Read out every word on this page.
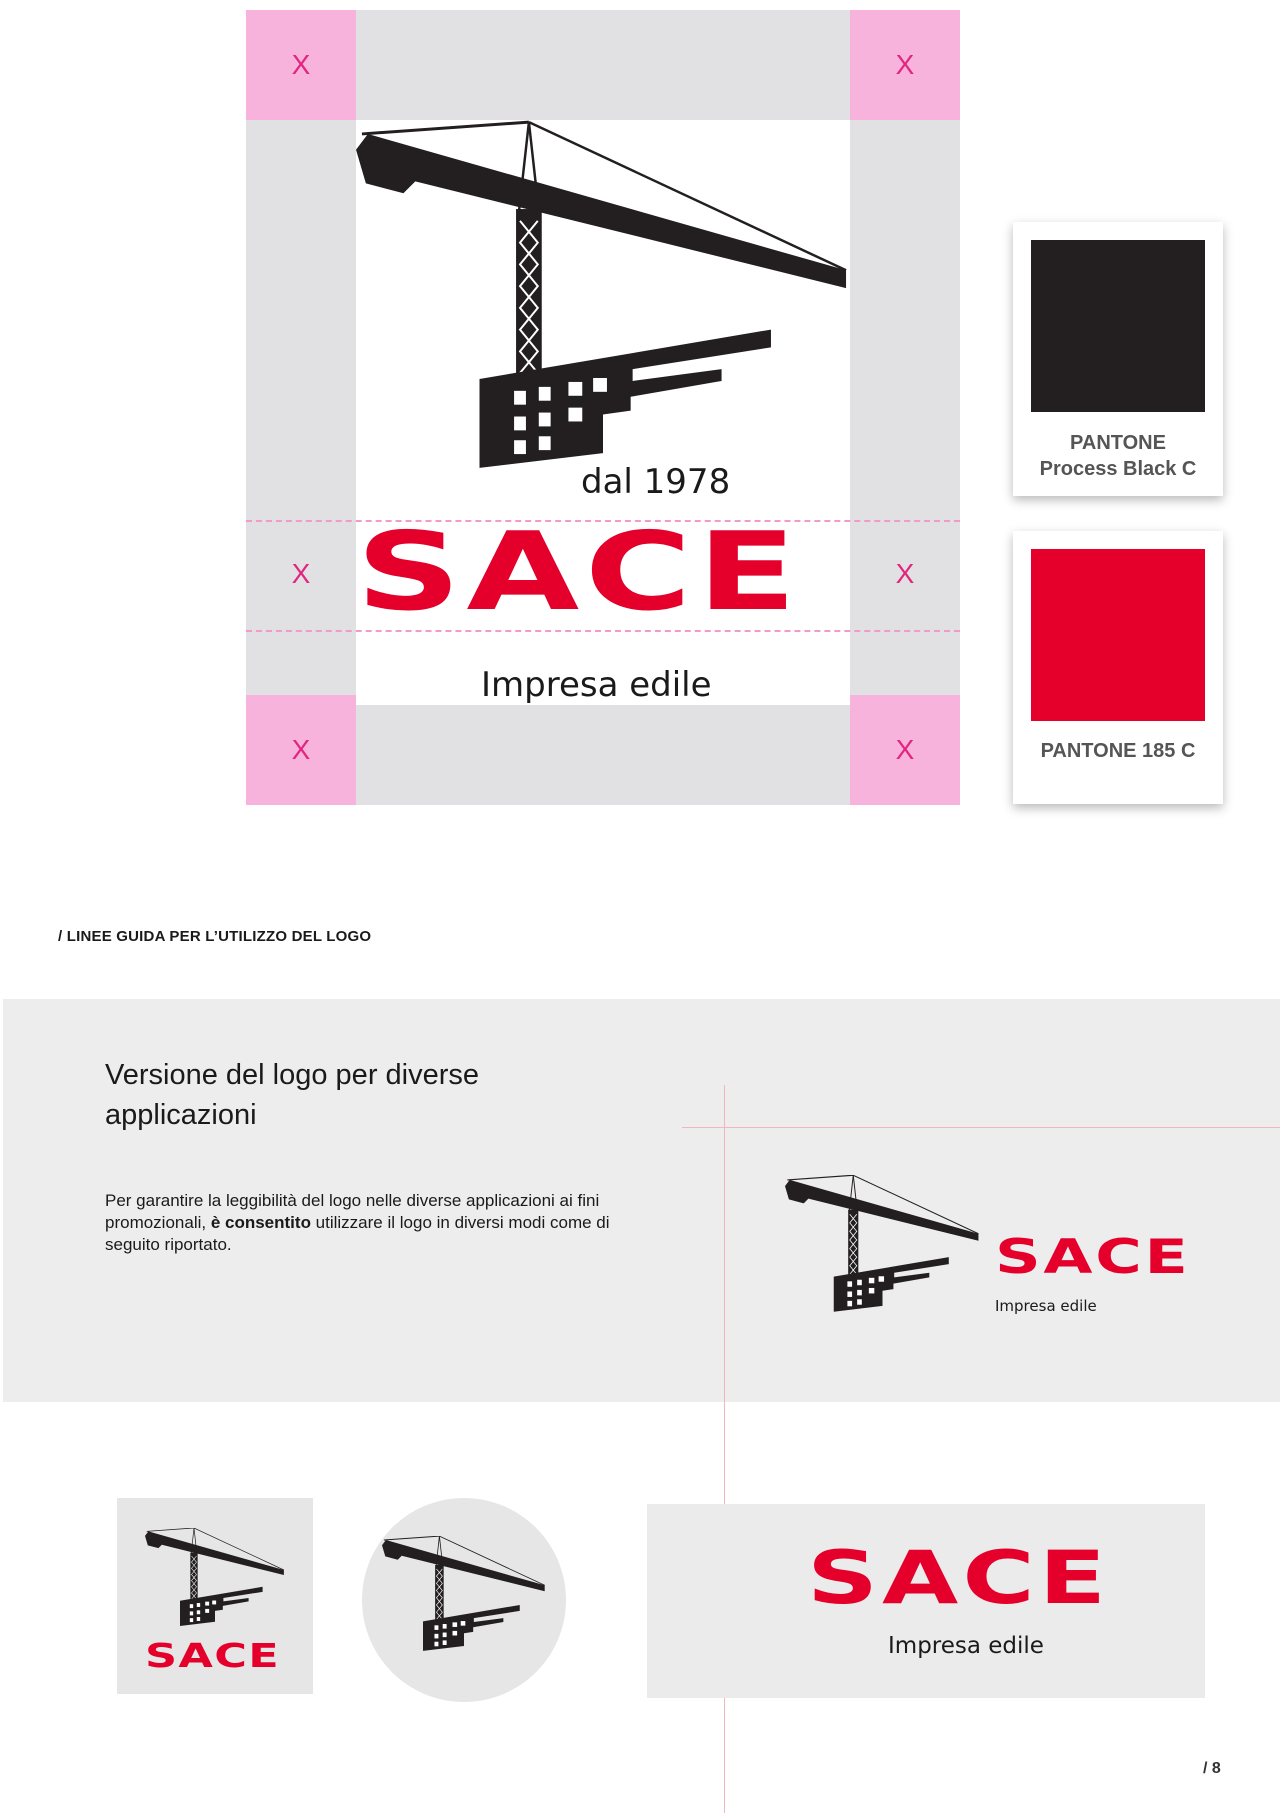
X	X
X	X
dal 1978
SACE
Impresa edile
X	X
PANTONE
Process Black C
PANTONE 185 C
/ LINEE GUIDA PER L’UTILIZZO DEL LOGO
Versione del logo per diverse applicazioni
Per garantire la leggibilità del logo nelle diverse applicazioni ai fini promozionali, è consentito utilizzare il logo in diversi modi come di seguito riportato.	SACE
Impresa edile
SACE
SACE
Impresa edile
/ 8
